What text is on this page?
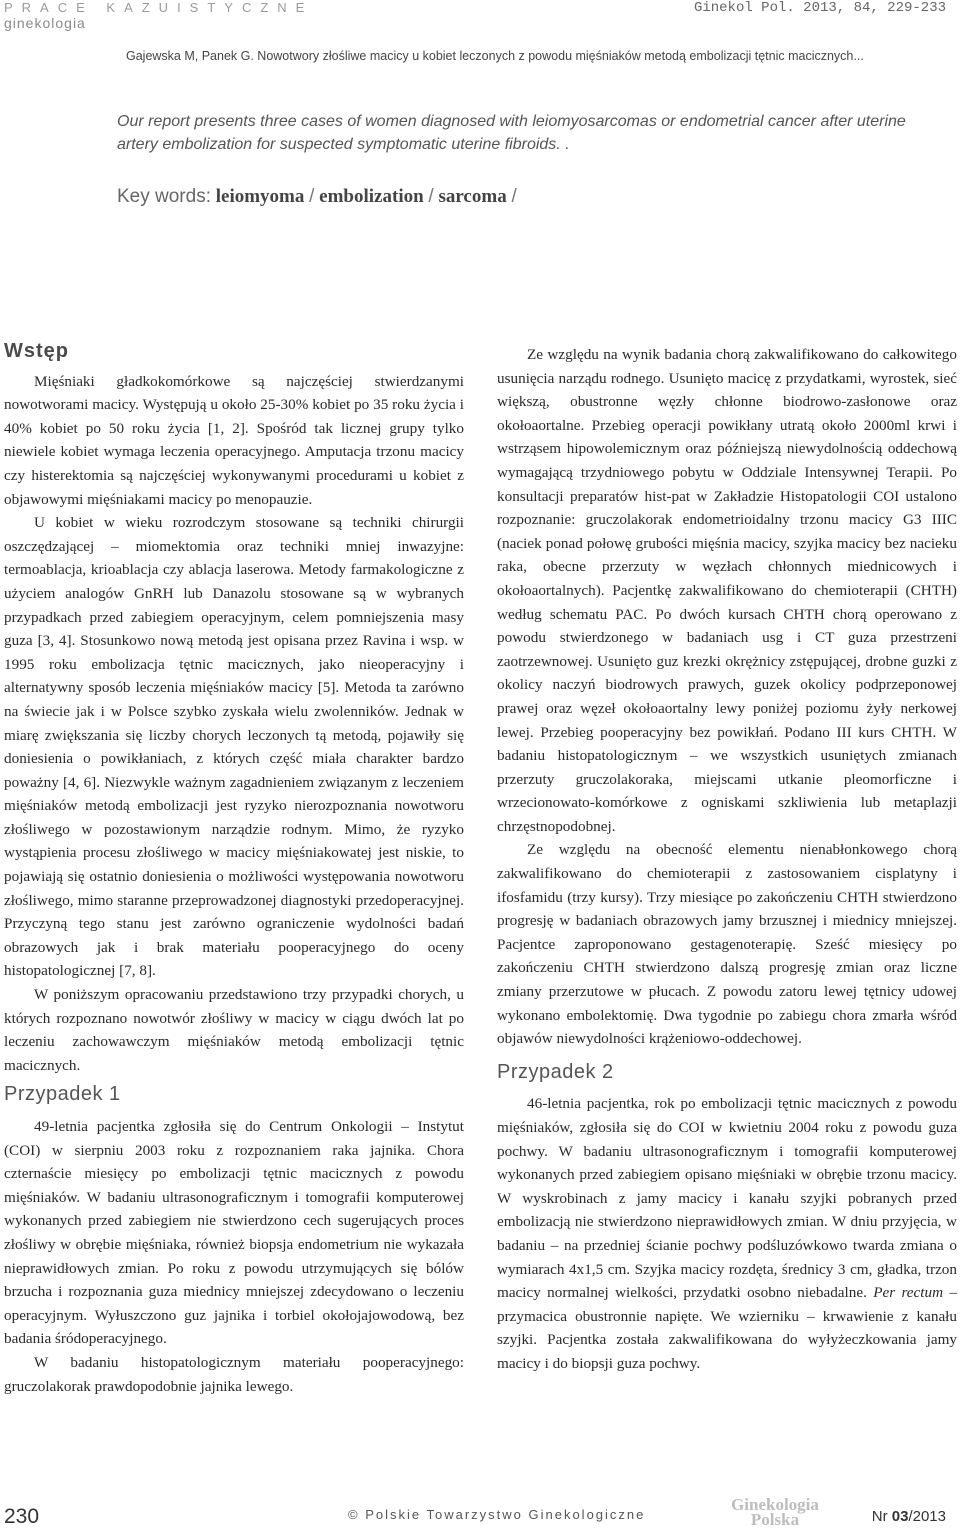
PRACE KAZUISTYCZNE
ginekologia
Ginekol Pol. 2013, 84, 229-233
Gajewska M, Panek G. Nowotwory złośliwe macicy u kobiet leczonych z powodu mięśniaków metodą embolizacji tętnic macicznych...
Our report presents three cases of women diagnosed with leiomyosarcomas or endometrial cancer after uterine artery embolization for suspected symptomatic uterine fibroids. .
Key words: leiomyoma / embolization / sarcoma /
Wstęp

Mięśniaki gładkokomórkowe są najczęściej stwierdzanymi nowotworami macicy. Występują u około 25-30% kobiet po 35 roku życia i 40% kobiet po 50 roku życia [1, 2]. Spośród tak licznej grupy tylko niewiele kobiet wymaga leczenia operacyjnego. Amputacja trzonu macicy czy histerektomia są najczęściej wykonywanymi procedurami u kobiet z objawowymi mięśniakami macicy po menopauzie.

U kobiet w wieku rozrodczym stosowane są techniki chirurgii oszczędzającej – miomektomia oraz techniki mniej inwazyjne: termoablacja, krioablacja czy ablacja laserowa. Metody farmakologiczne z użyciem analogów GnRH lub Danazolu stosowane są w wybranych przypadkach przed zabiegiem operacyjnym, celem pomniejszenia masy guza [3, 4]. Stosunkowo nową metodą jest opisana przez Ravina i wsp. w 1995 roku embolizacja tętnic macicznych, jako nieoperacyjny i alternatywny sposób leczenia mięśniaków macicy [5]. Metoda ta zarówno na świecie jak i w Polsce szybko zyskała wielu zwolenników. Jednak w miarę zwiększania się liczby chorych leczonych tą metodą, pojawiły się doniesienia o powikłaniach, z których część miała charakter bardzo poważny [4, 6]. Niezwykle ważnym zagadnieniem związanym z leczeniem mięśniaków metodą embolizacji jest ryzyko nierozpoznania nowotworu złośliwego w pozostawionym narządzie rodnym. Mimo, że ryzyko wystąpienia procesu złośliwego w macicy mięśniakowatej jest niskie, to pojawiają się ostatnio doniesienia o możliwości występowania nowotworu złośliwego, mimo staranne przeprowadzonej diagnostyki przedoperacyjnej. Przyczyną tego stanu jest zarówno ograniczenie wydolności badań obrazowych jak i brak materiału pooperacyjnego do oceny histopatologicznej [7, 8].

W poniższym opracowaniu przedstawiono trzy przypadki chorych, u których rozpoznano nowotwór złośliwy w macicy w ciągu dwóch lat po leczeniu zachowawczym mięśniaków metodą embolizacji tętnic macicznych.

Przypadek 1

49-letnia pacjentka zgłosiła się do Centrum Onkologii – Instytut (COI) w sierpniu 2003 roku z rozpoznaniem raka jajnika. Chora czternaście miesięcy po embolizacji tętnic macicznych z powodu mięśniaków. W badaniu ultrasonograficznym i tomografii komputerowej wykonanych przed zabiegiem nie stwierdzono cech sugerujących proces złośliwy w obrębie mięśniaka, również biopsja endometrium nie wykazała nieprawidłowych zmian. Po roku z powodu utrzymujących się bólów brzucha i rozpoznania guza miednicy mniejszej zdecydowano o leczeniu operacyjnym. Wyłuszczono guz jajnika i torbiel okołojajowodową, bez badania śródoperacyjnego.

W badaniu histopatologicznym materiału pooperacyjnego: gruczolakorak prawdopodobnie jajnika lewego.

Ze względu na wynik badania chorą zakwalifikowano do całkowitego usunięcia narządu rodnego. Usunięto macicę z przydatkami, wyrostek, sieć większą, obustronne węzły chłonne biodrowo-zasłonowe oraz okołoaortalne. Przebieg operacji powikłany utratą około 2000ml krwi i wstrząsem hipowolemicznym oraz późniejszą niewydolnością oddechową wymagającą trzydniowego pobytu w Oddziale Intensywnej Terapii. Po konsultacji preparatów hist-pat w Zakładzie Histopatologii COI ustalono rozpoznanie: gruczolakorak endometrioidalny trzonu macicy G3 IIIC (naciek ponad połowę grubości mięśnia macicy, szyjka macicy bez nacieku raka, obecne przerzuty w węzłach chłonnych miednicowych i okołoaortalnych). Pacjentkę zakwalifikowano do chemioterapii (CHTH) według schematu PAC. Po dwóch kursach CHTH chorą operowano z powodu stwierdzonego w badaniach usg i CT guza przestrzeni zaotrzewnowej. Usunięto guz krezki okrężnicy zstępującej, drobne guzki z okolicy naczyń biodrowych prawych, guzek okolicy podprzeponowej prawej oraz węzeł okołoaortalny lewy poniżej poziomu żyły nerkowej lewej. Przebieg pooperacyjny bez powikłań. Podano III kurs CHTH. W badaniu histopatologicznym – we wszystkich usuniętych zmianach przerzuty gruczolakoraka, miejscami utkanie pleomorficzne i wrzecionowato-komórkowe z ogniskami szkliwienia lub metaplazji chrzęstnopodobnej.

Ze względu na obecność elementu nienabłonkowego chorą zakwalifikowano do chemioterapii z zastosowaniem cisplatyny i ifosfamidu (trzy kursy). Trzy miesiące po zakończeniu CHTH stwierdzono progresję w badaniach obrazowych jamy brzusznej i miednicy mniejszej. Pacjentce zaproponowano gestagenoterapię. Sześć miesięcy po zakończeniu CHTH stwierdzono dalszą progresję zmian oraz liczne zmiany przerzutowe w płucach. Z powodu zatoru lewej tętnicy udowej wykonano embolektomię. Dwa tygodnie po zabiegu chora zmarła wśród objawów niewydolności krążeniowo-oddechowej.

Przypadek 2

46-letnia pacjentka, rok po embolizacji tętnic macicznych z powodu mięśniaków, zgłosiła się do COI w kwietniu 2004 roku z powodu guza pochwy. W badaniu ultrasonograficznym i tomografii komputerowej wykonanych przed zabiegiem opisano mięśniaki w obrębie trzonu macicy. W wyskrobinach z jamy macicy i kanału szyjki pobranych przed embolizacją nie stwierdzono nieprawidłowych zmian. W dniu przyjęcia, w badaniu – na przedniej ścianie pochwy podśluzówkowo twarda zmiana o wymiarach 4x1,5 cm. Szyjka macicy rozdęta, średnicy 3 cm, gładka, trzon macicy normalnej wielkości, przydatki osobno niebadalne. Per rectum – przymacica obustronnie napięte. We wzierniku – krwawienie z kanału szyjki. Pacjentka została zakwalifikowana do wyłyżeczkowania jamy macicy i do biopsji guza pochwy.

230	© Polskie Towarzystwo Ginekologiczne
Ginekologia
Polska	Nr 03/2013
